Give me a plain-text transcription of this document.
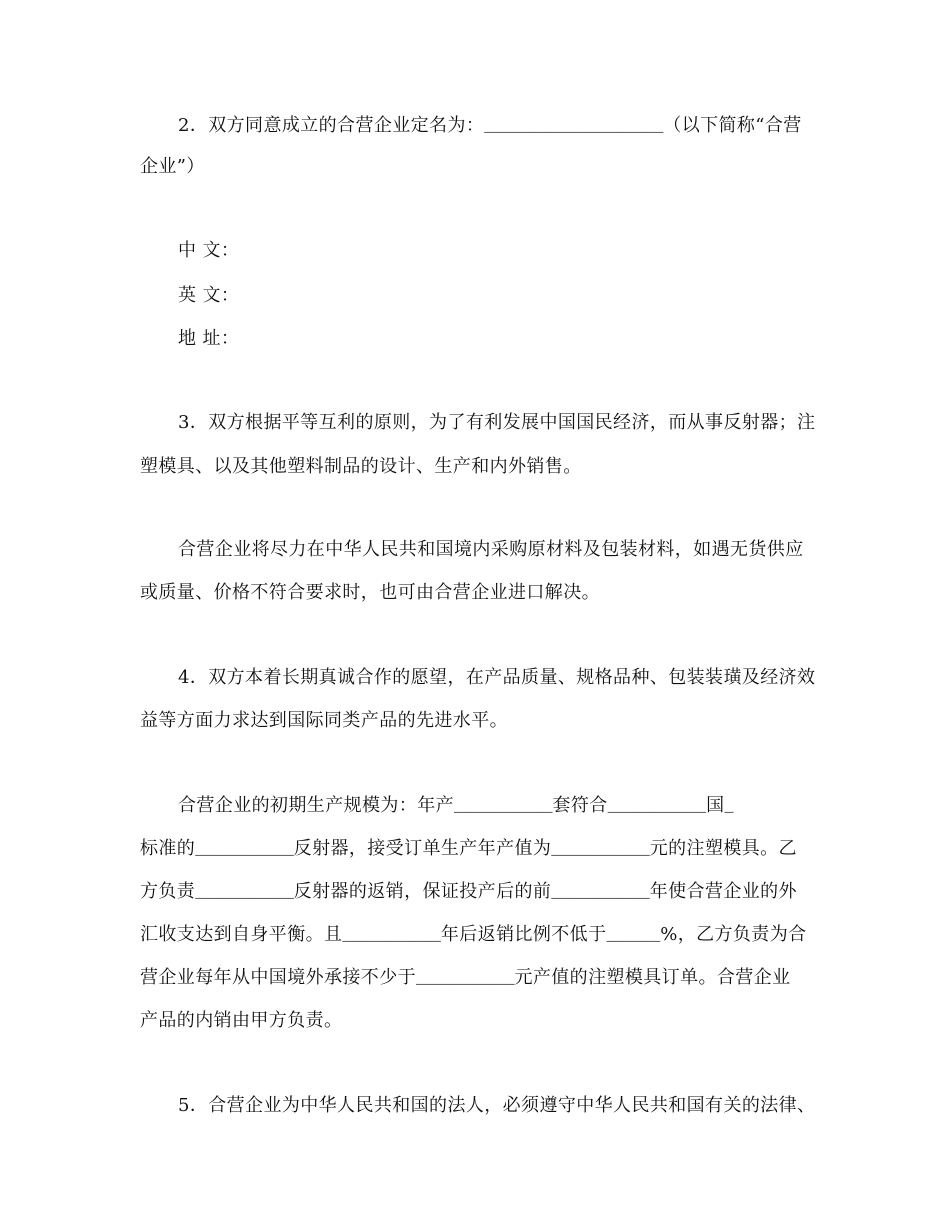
2．双方同意成立的合营企业定名为：____________________（以下简称“合营
企业”）
中 文：
英 文：
地 址：
3．双方根据平等互利的原则，为了有利发展中国国民经济，而从事反射器；注
塑模具、以及其他塑料制品的设计、生产和内外销售。
合营企业将尽力在中华人民共和国境内采购原材料及包装材料，如遇无货供应
或质量、价格不符合要求时，也可由合营企业进口解决。
4．双方本着长期真诚合作的愿望，在产品质量、规格品种、包装装璜及经济效
益等方面力求达到国际同类产品的先进水平。
合营企业的初期生产规模为：年产___________套符合___________国_
标准的___________反射器，接受订单生产年产值为___________元的注塑模具。乙
方负责___________反射器的返销，保证投产后的前___________年使合营企业的外
汇收支达到自身平衡。且___________年后返销比例不低于______%，乙方负责为合
营企业每年从中国境外承接不少于___________元产值的注塑模具订单。合营企业
产品的内销由甲方负责。
5．合营企业为中华人民共和国的法人，必须遵守中华人民共和国有关的法律、
